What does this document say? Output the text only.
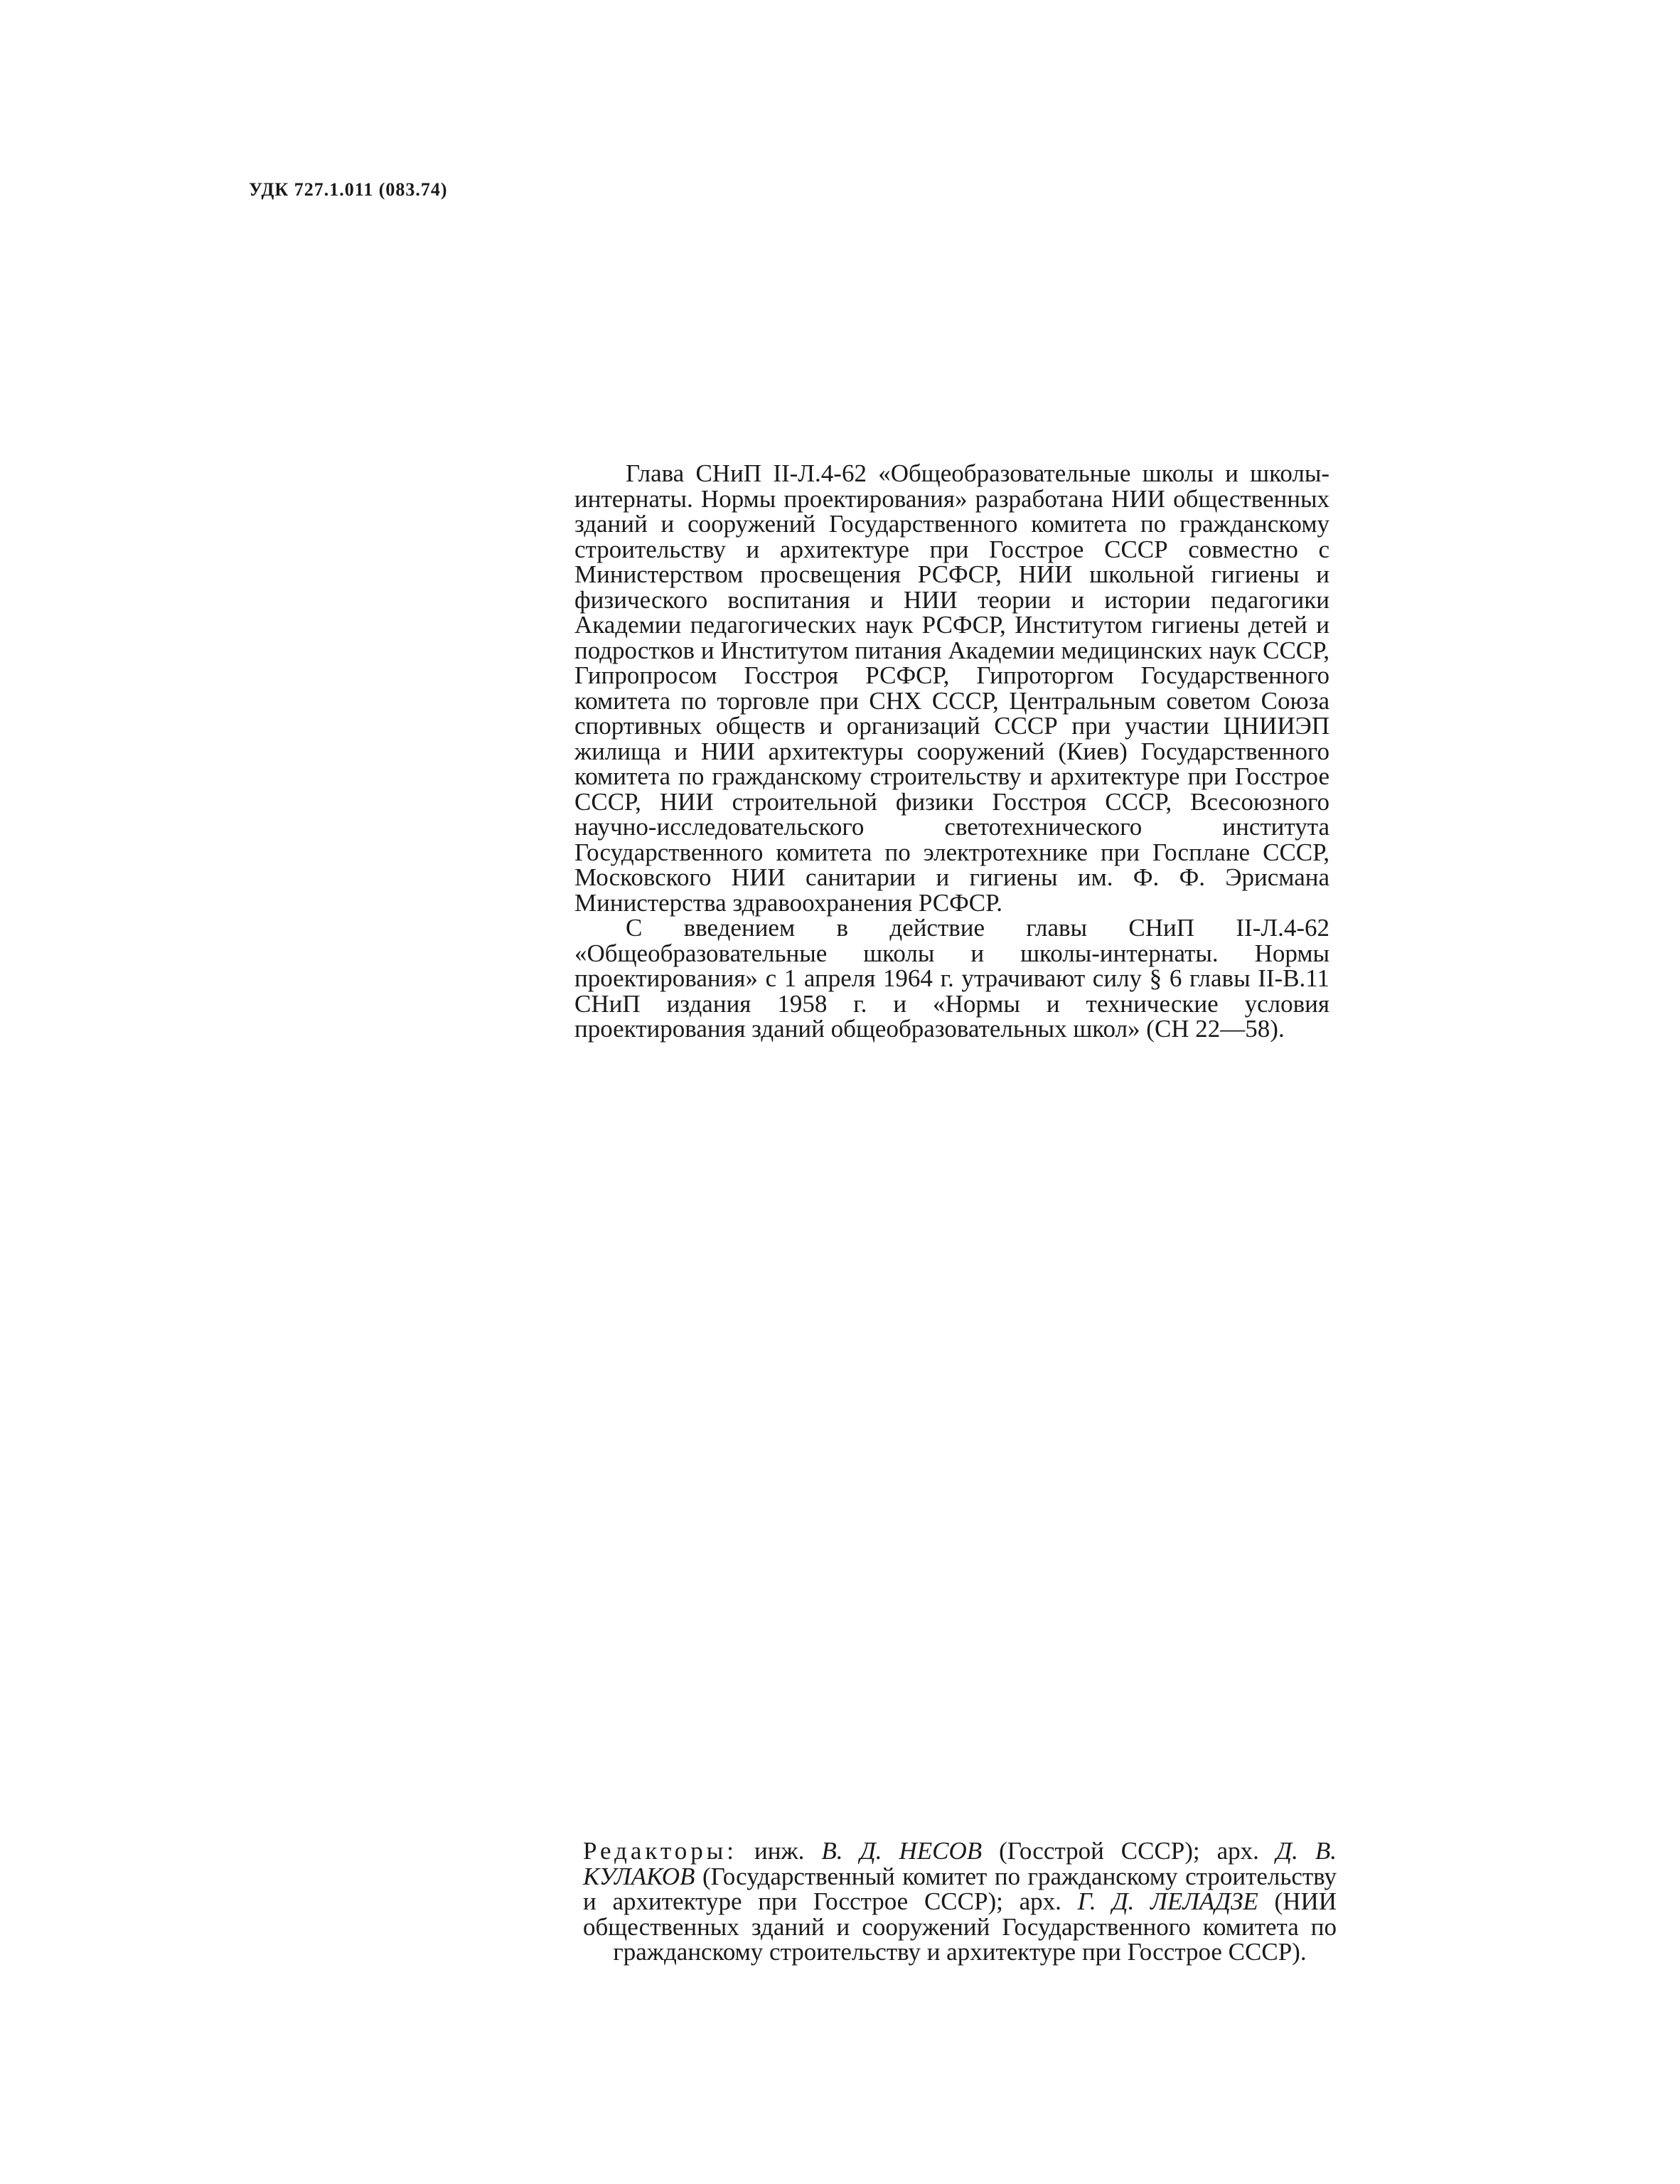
УДК 727.1.011 (083.74)

Глава СНиП II-Л.4-62 «Общеобразовательные школы и школы-интернаты. Нормы проектирования» разработана НИИ общественных зданий и сооружений Государственного комитета по гражданскому строительству и архитектуре при Госстрое СССР совместно с Министерством просвещения РСФСР, НИИ школьной гигиены и физического воспитания и НИИ теории и истории педагогики Академии педагогических наук РСФСР, Институтом гигиены детей и подростков и Институтом питания Академии медицинских наук СССР, Гипропросом Госстроя РСФСР, Гипроторгом Государственного комитета по торговле при СНХ СССР, Центральным советом Союза спортивных обществ и организаций СССР при участии ЦНИИЭП жилища и НИИ архитектуры сооружений (Киев) Государственного комитета по гражданскому строительству и архитектуре при Госстрое СССР, НИИ строительной физики Госстроя СССР, Всесоюзного научно-исследовательского светотехнического института Государственного комитета по электротехнике при Госплане СССР, Московского НИИ санитарии и гигиены им. Ф. Ф. Эрисмана Министерства здравоохранения РСФСР.

С введением в действие главы СНиП II-Л.4-62 «Общеобразовательные школы и школы-интернаты. Нормы проектирования» с 1 апреля 1964 г. утрачивают силу § 6 главы II-В.11 СНиП издания 1958 г. и «Нормы и технические условия проектирования зданий общеобразовательных школ» (СН 22—58).

Редакторы: инж. В. Д. НЕСОВ (Госстрой СССР); арх. Д. В. КУЛАКОВ (Государственный комитет по гражданскому строительству и архитектуре при Госстрое СССР); арх. Г. Д. ЛЕЛАДЗЕ (НИИ общественных зданий и сооружений Государственного комитета по гражданскому строительству и архитектуре при Госстрое СССР).
